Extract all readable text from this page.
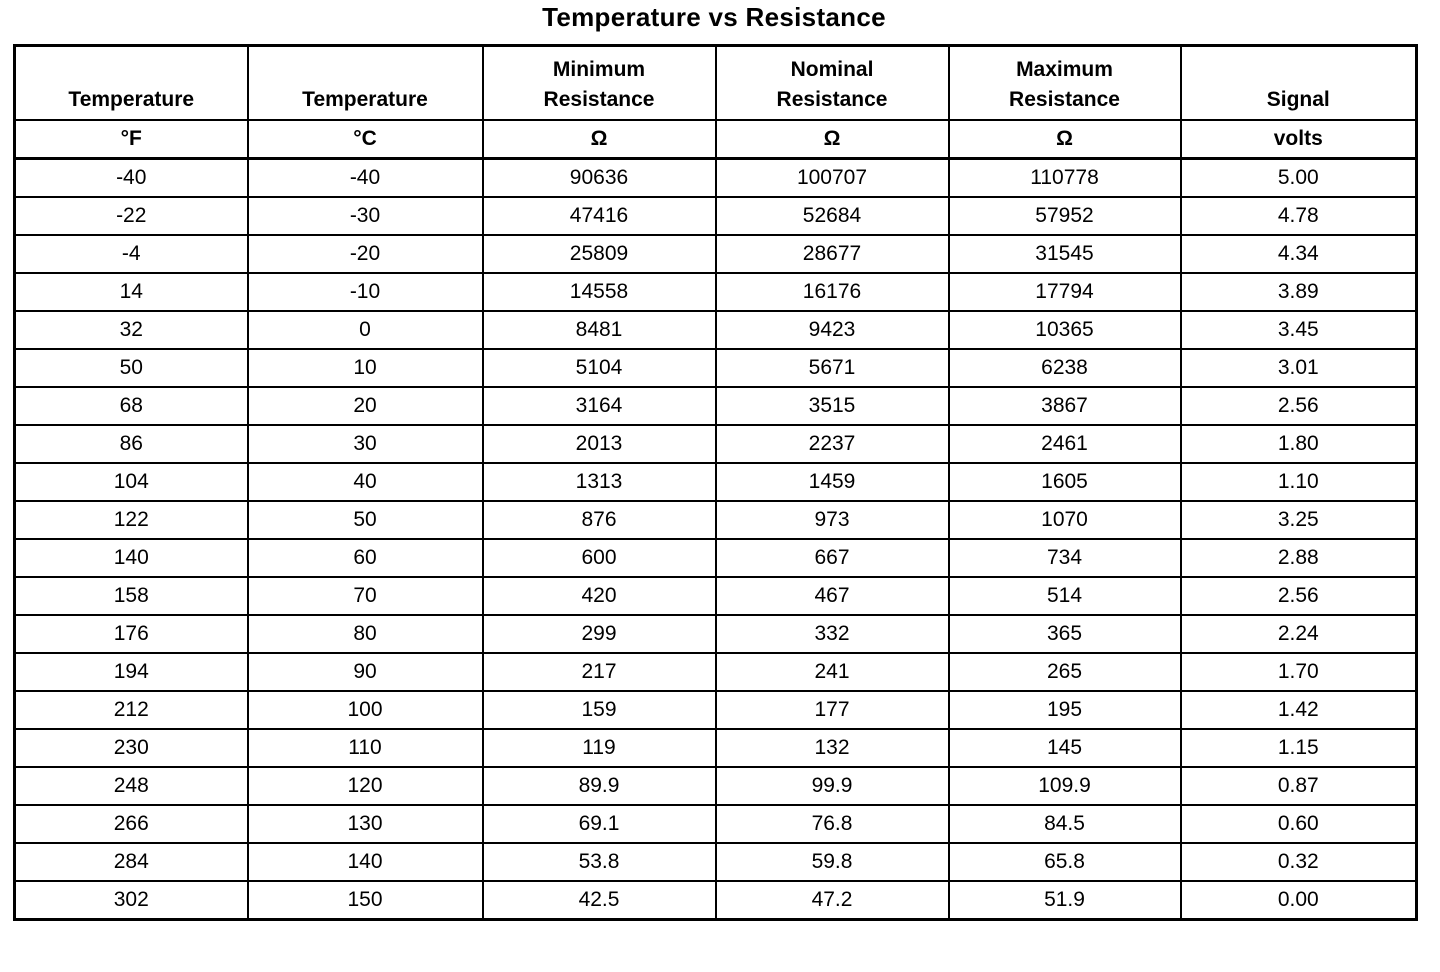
Temperature vs Resistance
Temperature	Temperature	Minimum Resistance	Nominal Resistance	Maximum Resistance	Signal
°F	°C	Ω	Ω	Ω	volts
-40	-40	90636	100707	110778	5.00
-22	-30	47416	52684	57952	4.78
-4	-20	25809	28677	31545	4.34
14	-10	14558	16176	17794	3.89
32	0	8481	9423	10365	3.45
50	10	5104	5671	6238	3.01
68	20	3164	3515	3867	2.56
86	30	2013	2237	2461	1.80
104	40	1313	1459	1605	1.10
122	50	876	973	1070	3.25
140	60	600	667	734	2.88
158	70	420	467	514	2.56
176	80	299	332	365	2.24
194	90	217	241	265	1.70
212	100	159	177	195	1.42
230	110	119	132	145	1.15
248	120	89.9	99.9	109.9	0.87
266	130	69.1	76.8	84.5	0.60
284	140	53.8	59.8	65.8	0.32
302	150	42.5	47.2	51.9	0.00
